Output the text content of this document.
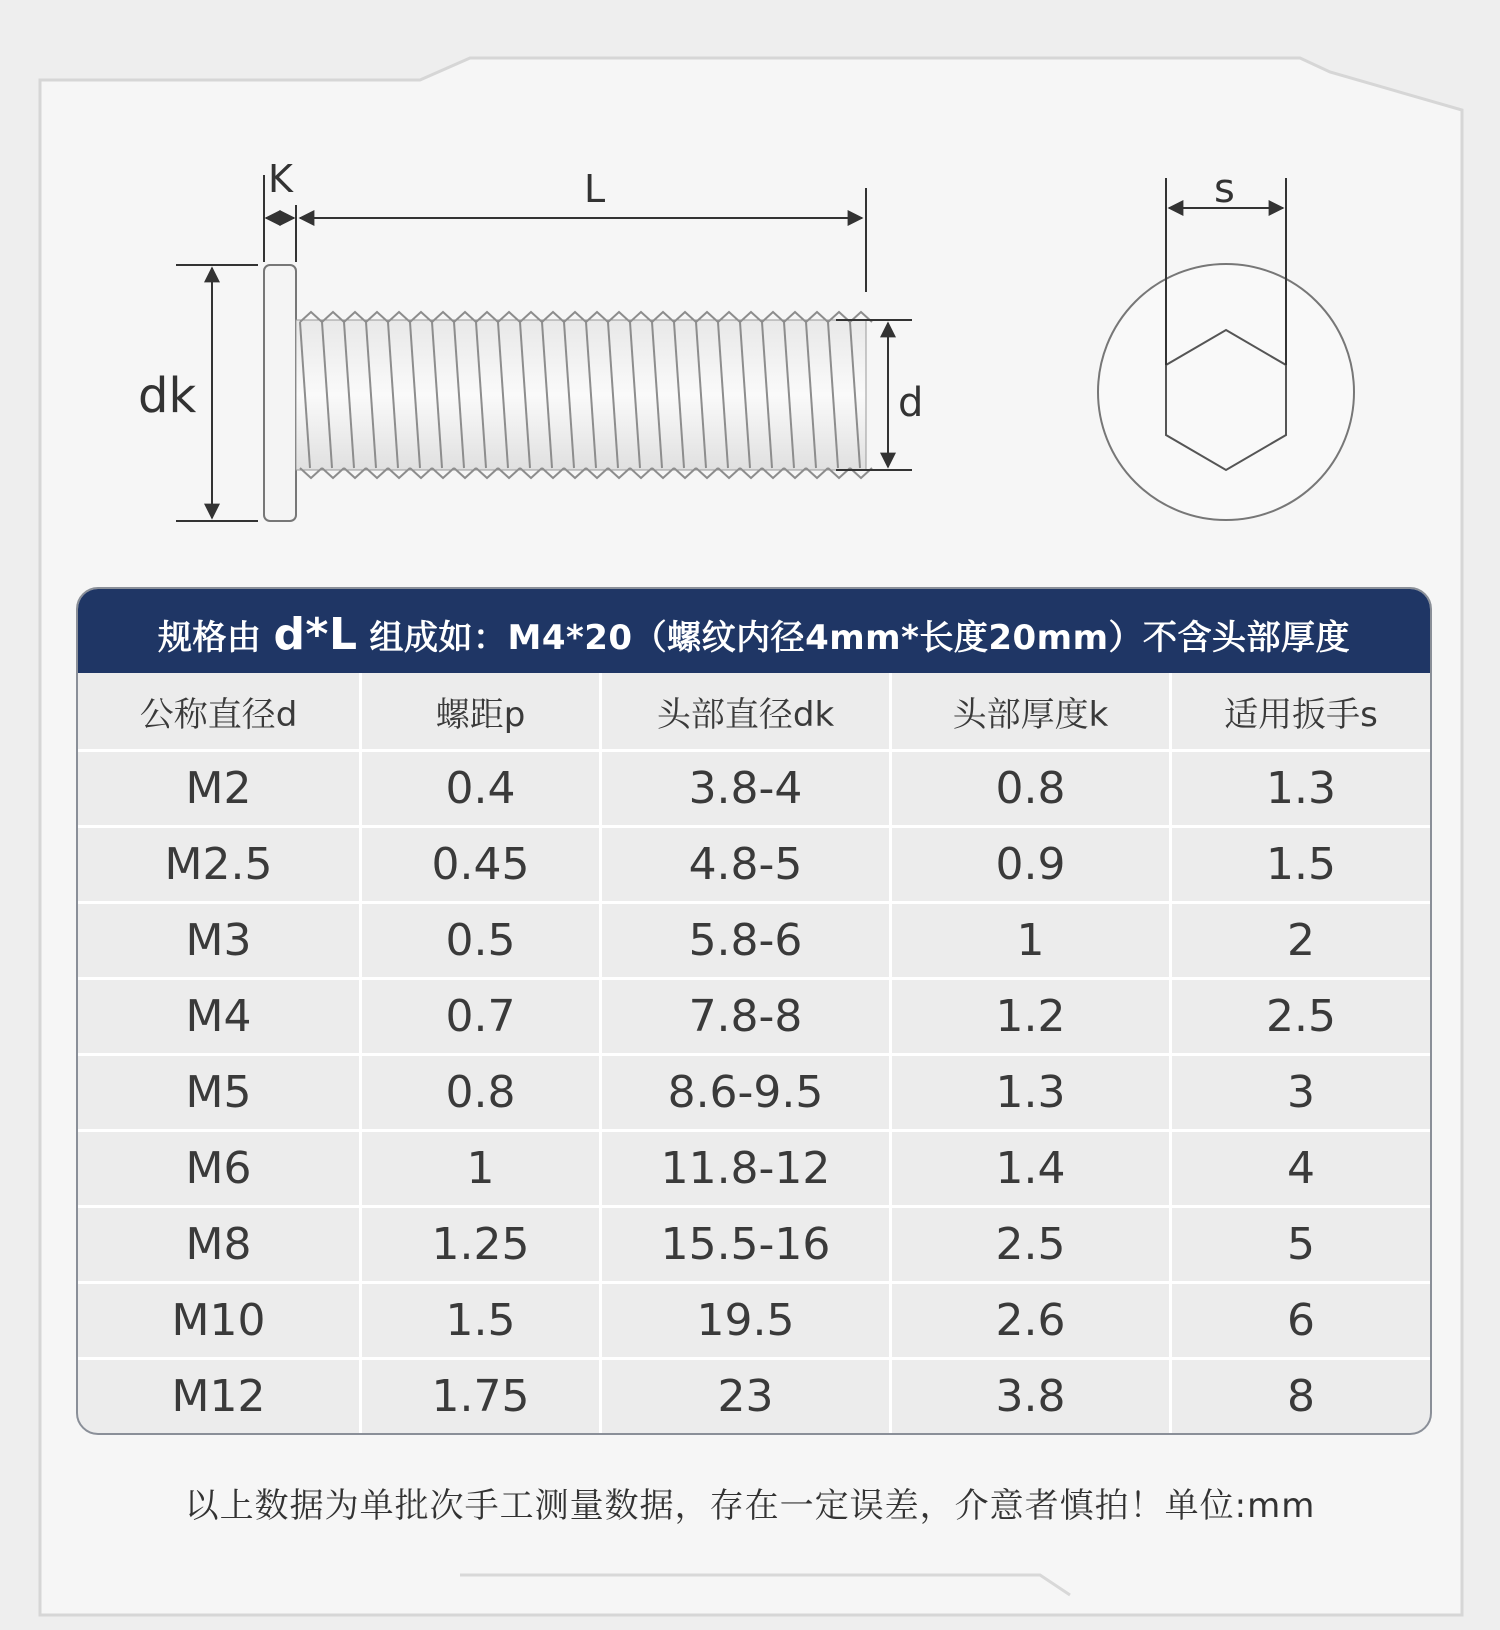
K	L
dk	d
s
规格由 d*L 组成如：M4*20（螺纹内径4mm*长度20mm）不含头部厚度
公称直径d	螺距p	头部直径dk	头部厚度k	适用扳手s
M2	0.4	3.8-4	0.8	1.3
M2.5	0.45	4.8-5	0.9	1.5
M3	0.5	5.8-6	1	2
M4	0.7	7.8-8	1.2	2.5
M5	0.8	8.6-9.5	1.3	3
M6	1	11.8-12	1.4	4
M8	1.25	15.5-16	2.5	5
M10	1.5	19.5	2.6	6
M12	1.75	23	3.8	8
以上数据为单批次手工测量数据，存在一定误差，介意者慎拍！单位:mm
